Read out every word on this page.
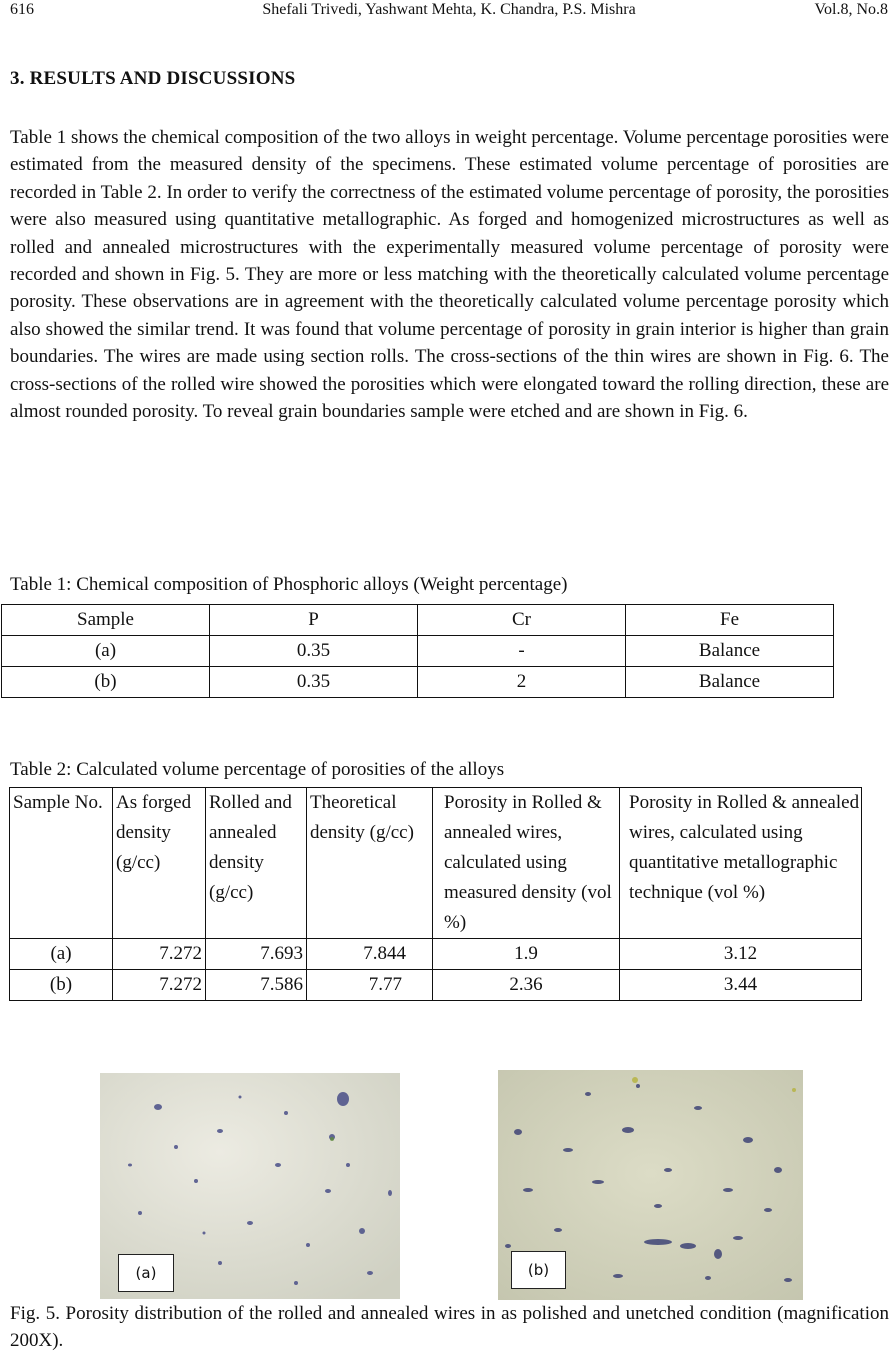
616	Shefali Trivedi, Yashwant Mehta, K. Chandra, P.S. Mishra	Vol.8, No.8
3. RESULTS AND DISCUSSIONS

Table 1 shows the chemical composition of the two alloys in weight percentage. Volume percentage porosities were estimated from the measured density of the specimens. These estimated volume percentage of porosities are recorded in Table 2. In order to verify the correctness of the estimated volume percentage of porosity, the porosities were also measured using quantitative metallographic. As forged and homogenized microstructures as well as rolled and annealed microstructures with the experimentally measured volume percentage of porosity were recorded and shown in Fig. 5. They are more or less matching with the theoretically calculated volume percentage porosity. These observations are in agreement with the theoretically calculated volume percentage porosity which also showed the similar trend. It was found that volume percentage of porosity in grain interior is higher than grain boundaries. The wires are made using section rolls. The cross-sections of the thin wires are shown in Fig. 6. The cross-sections of the rolled wire showed the porosities which were elongated toward the rolling direction, these are almost rounded porosity. To reveal grain boundaries sample were etched and are shown in Fig. 6.

Table 1: Chemical composition of Phosphoric alloys (Weight percentage)
Sample	P	Cr	Fe
(a)	0.35	-	Balance
(b)	0.35	2	Balance
Table 2: Calculated volume percentage of porosities of the alloys
Sample No.	As forged density (g/cc)	Rolled and annealed density (g/cc)	Theoretical density (g/cc)	Porosity in Rolled & annealed wires, calculated using measured density (vol %)	Porosity in Rolled & annealed wires, calculated using quantitative metallographic technique (vol %)

(a)	7.272	7.693	7.844	1.9	3.12
(b)	7.272	7.586	7.77	2.36	3.44
(a)	(b)

Fig. 5. Porosity distribution of the rolled and annealed wires in as polished and unetched condition (magnification 200X).
